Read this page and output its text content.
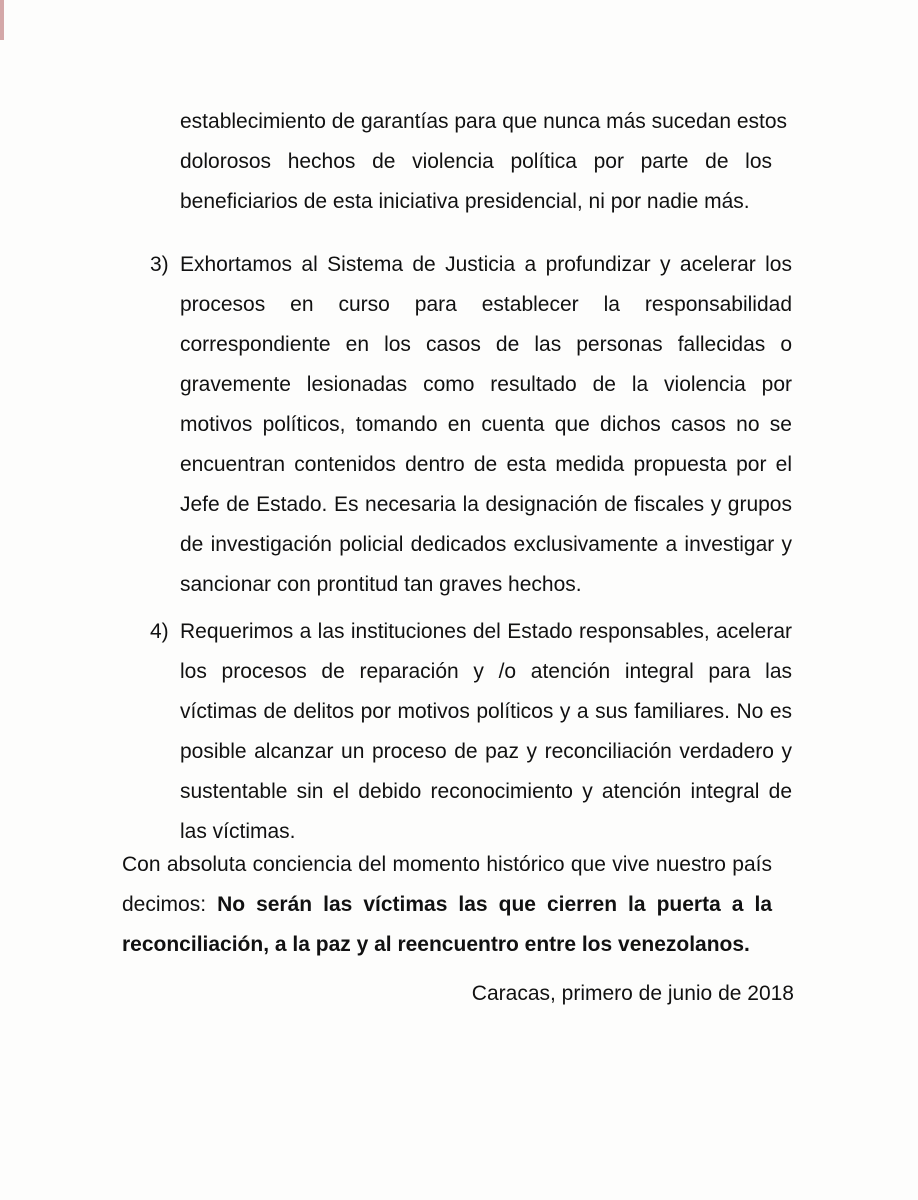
establecimiento de garantías para que nunca más sucedan estos
dolorosos hechos de violencia política por parte de los
beneficiarios de esta iniciativa presidencial, ni por nadie más.
3) Exhortamos al Sistema de Justicia a profundizar y acelerar los
procesos en curso para establecer la responsabilidad
correspondiente en los casos de las personas fallecidas o
gravemente lesionadas como resultado de la violencia por
motivos políticos, tomando en cuenta que dichos casos no se
encuentran contenidos dentro de esta medida propuesta por el
Jefe de Estado. Es necesaria la designación de fiscales y grupos
de investigación policial dedicados exclusivamente a investigar y
sancionar con prontitud tan graves hechos.
4) Requerimos a las instituciones del Estado responsables, acelerar
los procesos de reparación y /o atención integral para las
víctimas de delitos por motivos políticos y a sus familiares. No es
posible alcanzar un proceso de paz y reconciliación verdadero y
sustentable sin el debido reconocimiento y atención integral de
las víctimas.
Con absoluta conciencia del momento histórico que vive nuestro país
decimos: No serán las víctimas las que cierren la puerta a la
reconciliación, a la paz y al reencuentro entre los venezolanos.
Caracas, primero de junio de 2018
